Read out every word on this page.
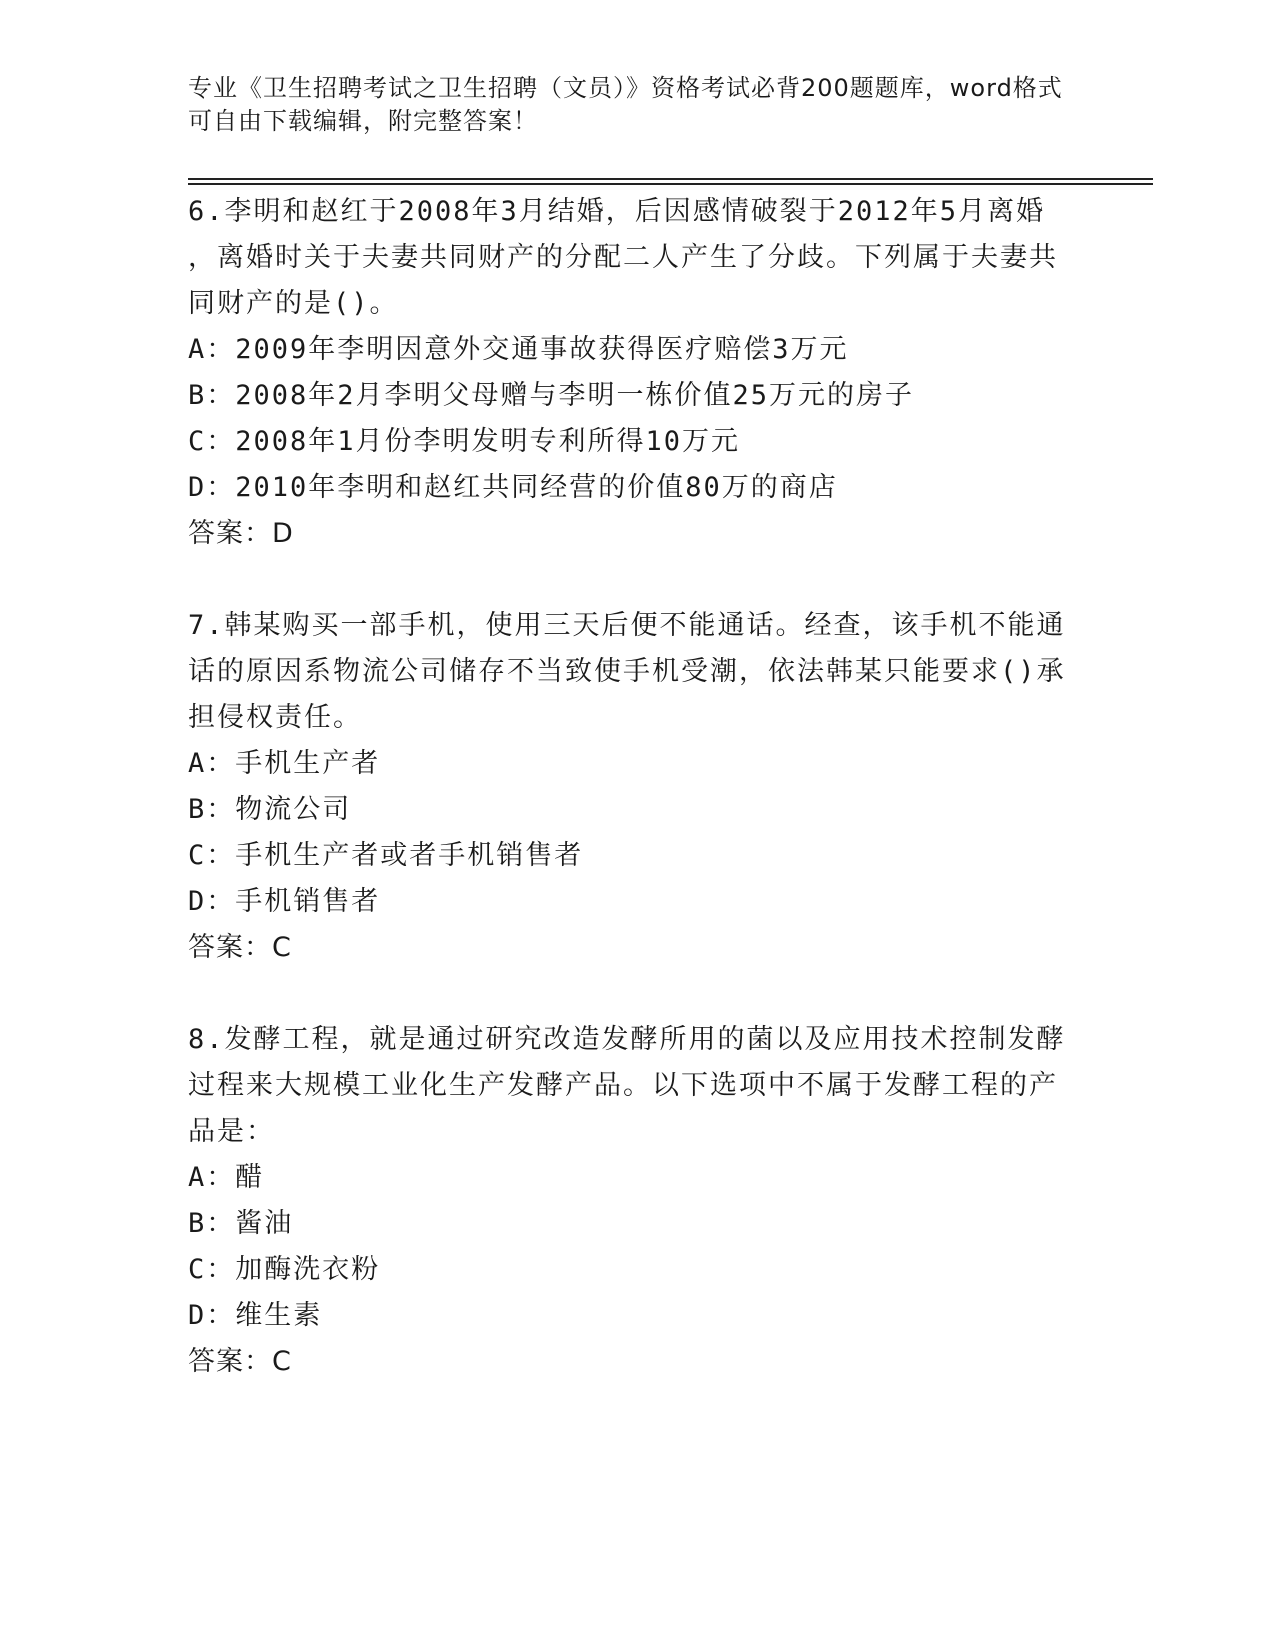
专业《卫生招聘考试之卫生招聘（文员）》资格考试必背200题题库，word格式
可自由下载编辑，附完整答案！
6.李明和赵红于2008年3月结婚，后因感情破裂于2012年5月离婚
，离婚时关于夫妻共同财产的分配二人产生了分歧。下列属于夫妻共
同财产的是()。
A：2009年李明因意外交通事故获得医疗赔偿3万元
B：2008年2月李明父母赠与李明一栋价值25万元的房子
C：2008年1月份李明发明专利所得10万元
D：2010年李明和赵红共同经营的价值80万的商店
答案：D
7.韩某购买一部手机，使用三天后便不能通话。经查，该手机不能通
话的原因系物流公司储存不当致使手机受潮，依法韩某只能要求()承
担侵权责任。
A：手机生产者
B：物流公司
C：手机生产者或者手机销售者
D：手机销售者
答案：C
8.发酵工程，就是通过研究改造发酵所用的菌以及应用技术控制发酵
过程来大规模工业化生产发酵产品。以下选项中不属于发酵工程的产
品是：
A：醋
B：酱油
C：加酶洗衣粉
D：维生素
答案：C
